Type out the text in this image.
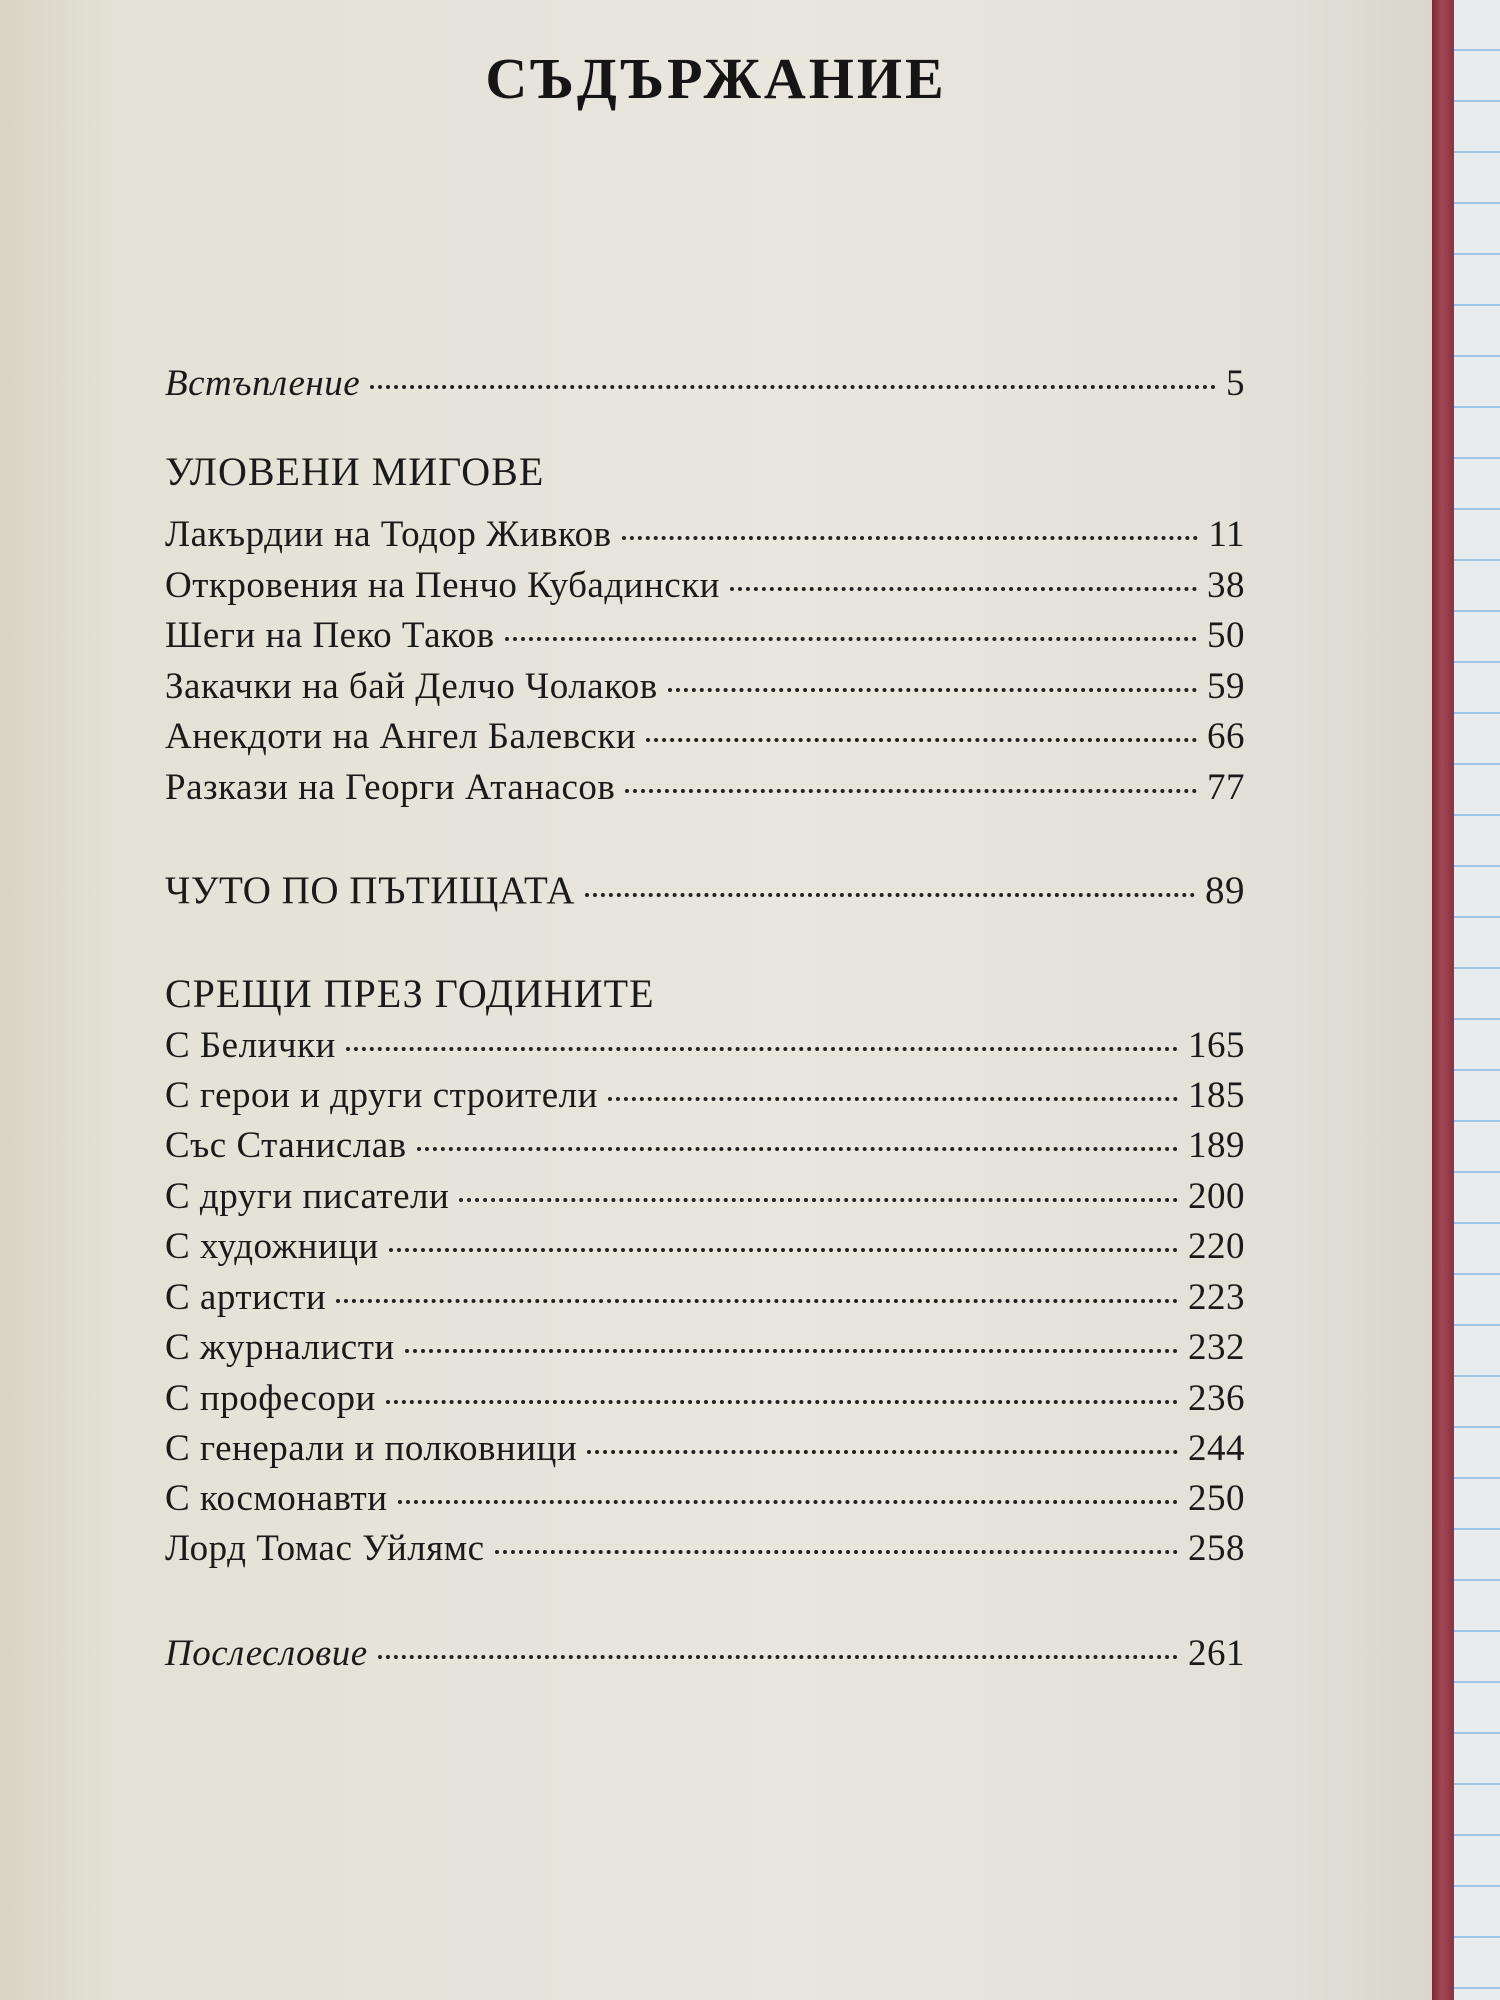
СЪДЪРЖАНИЕ
Встъпление	5
УЛОВЕНИ МИГОВЕ
Лакърдии на Тодор Живков	11
Откровения на Пенчо Кубадински	38
Шеги на Пеко Таков	50
Закачки на бай Делчо Чолаков	59
Анекдоти на Ангел Балевски	66
Разкази на Георги Атанасов	77
ЧУТО ПО ПЪТИЩАТА	89
СРЕЩИ ПРЕЗ ГОДИНИТЕ
С Белички	165
С герои и други строители	185
Със Станислав	189
С други писатели	200
С художници	220
С артисти	223
С журналисти	232
С професори	236
С генерали и полковници	244
С космонавти	250
Лорд Томас Уйлямс	258
Послесловие	261
